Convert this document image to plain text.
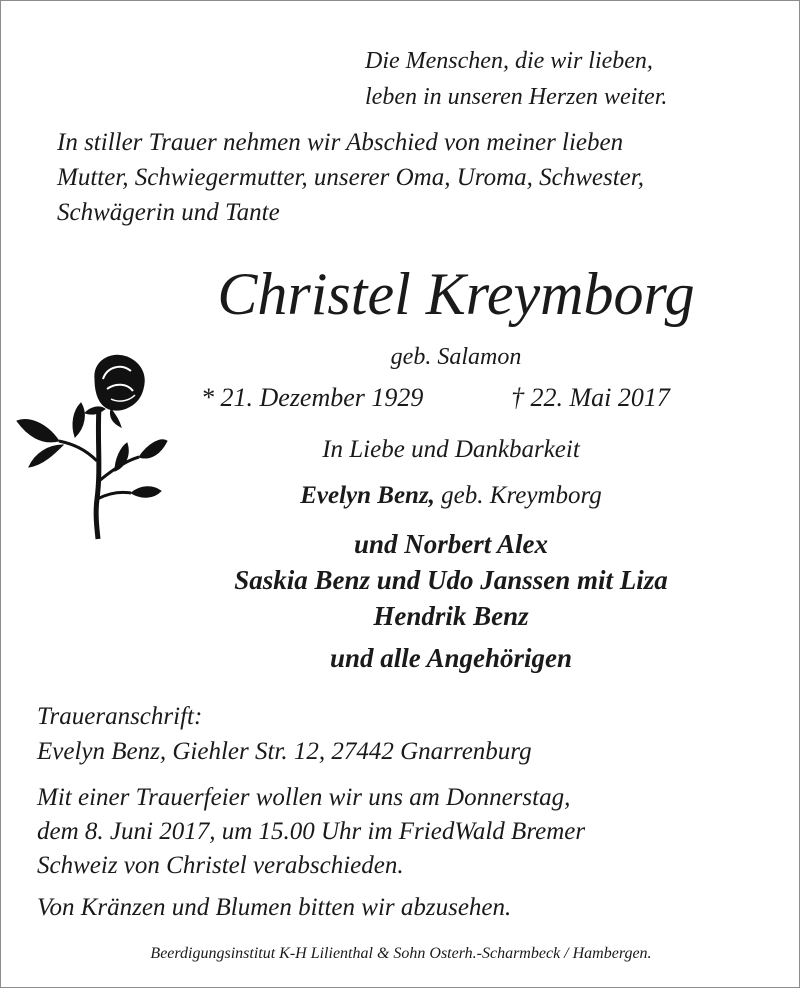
Die Menschen, die wir lieben,
leben in unseren Herzen weiter.
In stiller Trauer nehmen wir Abschied von meiner lieben
Mutter, Schwiegermutter, unserer Oma, Uroma, Schwester,
Schwägerin und Tante
Christel Kreymborg
geb. Salamon
* 21. Dezember 1929	† 22. Mai 2017
In Liebe und Dankbarkeit
Evelyn Benz, geb. Kreymborg
und Norbert Alex
Saskia Benz und Udo Janssen mit Liza
Hendrik Benz
und alle Angehörigen
Traueranschrift:
Evelyn Benz, Giehler Str. 12, 27442 Gnarrenburg
Mit einer Trauerfeier wollen wir uns am Donnerstag,
dem 8. Juni 2017, um 15.00 Uhr im FriedWald Bremer
Schweiz von Christel verabschieden.
Von Kränzen und Blumen bitten wir abzusehen.
Beerdigungsinstitut K-H Lilienthal & Sohn Osterh.-Scharmbeck / Hambergen.
